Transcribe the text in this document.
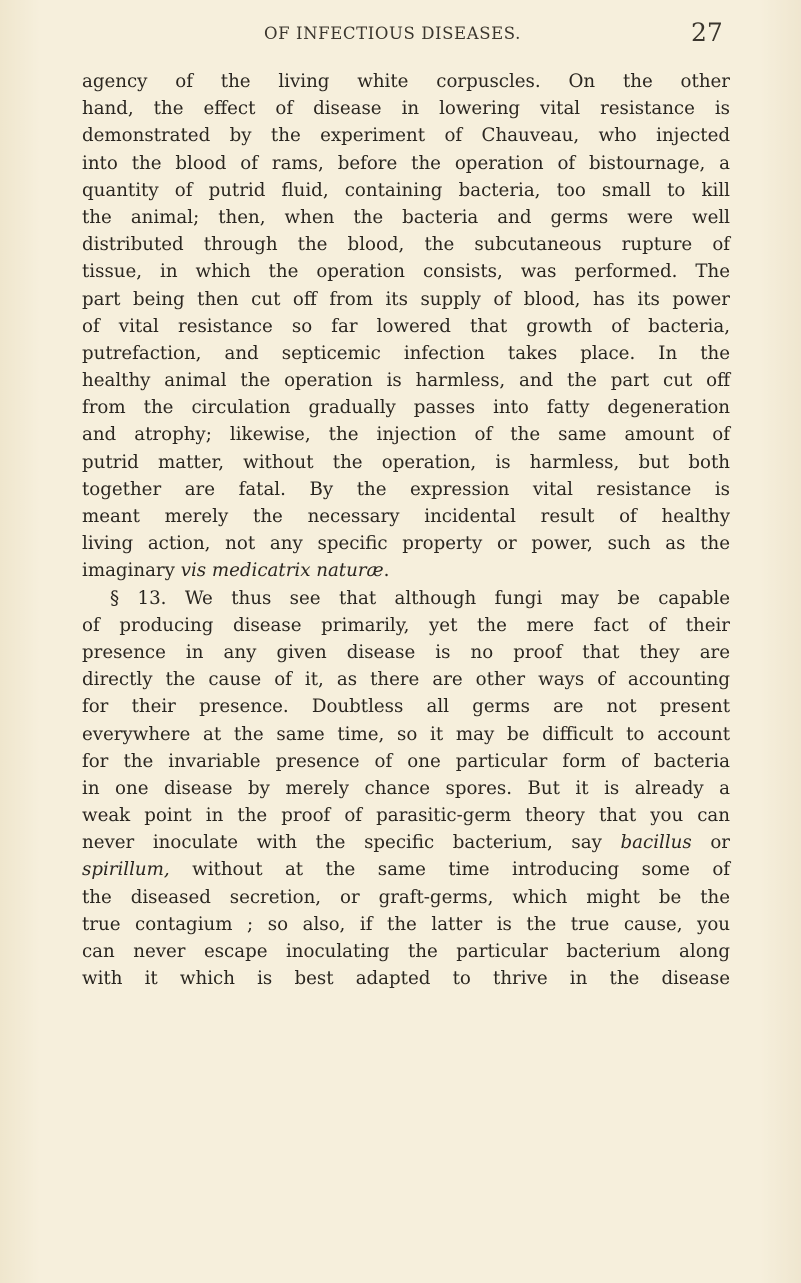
OF INFECTIOUS DISEASES.	27
agency of the living white corpuscles. On the other
hand, the effect of disease in lowering vital resistance is
demonstrated by the experiment of Chauveau, who injected
into the blood of rams, before the operation of bistournage, a
quantity of putrid fluid, containing bacteria, too small to kill
the animal; then, when the bacteria and germs were well
distributed through the blood, the subcutaneous rupture of
tissue, in which the operation consists, was performed. The
part being then cut off from its supply of blood, has its power
of vital resistance so far lowered that growth of bacteria,
putrefaction, and septicemic infection takes place. In the
healthy animal the operation is harmless, and the part cut off
from the circulation gradually passes into fatty degeneration
and atrophy; likewise, the injection of the same amount of
putrid matter, without the operation, is harmless, but both
together are fatal. By the expression vital resistance is
meant merely the necessary incidental result of healthy
living action, not any specific property or power, such as the
imaginary vis medicatrix naturæ.
§ 13. We thus see that although fungi may be capable
of producing disease primarily, yet the mere fact of their
presence in any given disease is no proof that they are
directly the cause of it, as there are other ways of accounting
for their presence. Doubtless all germs are not present
everywhere at the same time, so it may be difficult to account
for the invariable presence of one particular form of bacteria
in one disease by merely chance spores. But it is already a
weak point in the proof of parasitic-germ theory that you can
never inoculate with the specific bacterium, say bacillus or
spirillum, without at the same time introducing some of
the diseased secretion, or graft-germs, which might be the
true contagium ; so also, if the latter is the true cause, you
can never escape inoculating the particular bacterium along
with it which is best adapted to thrive in the disease
